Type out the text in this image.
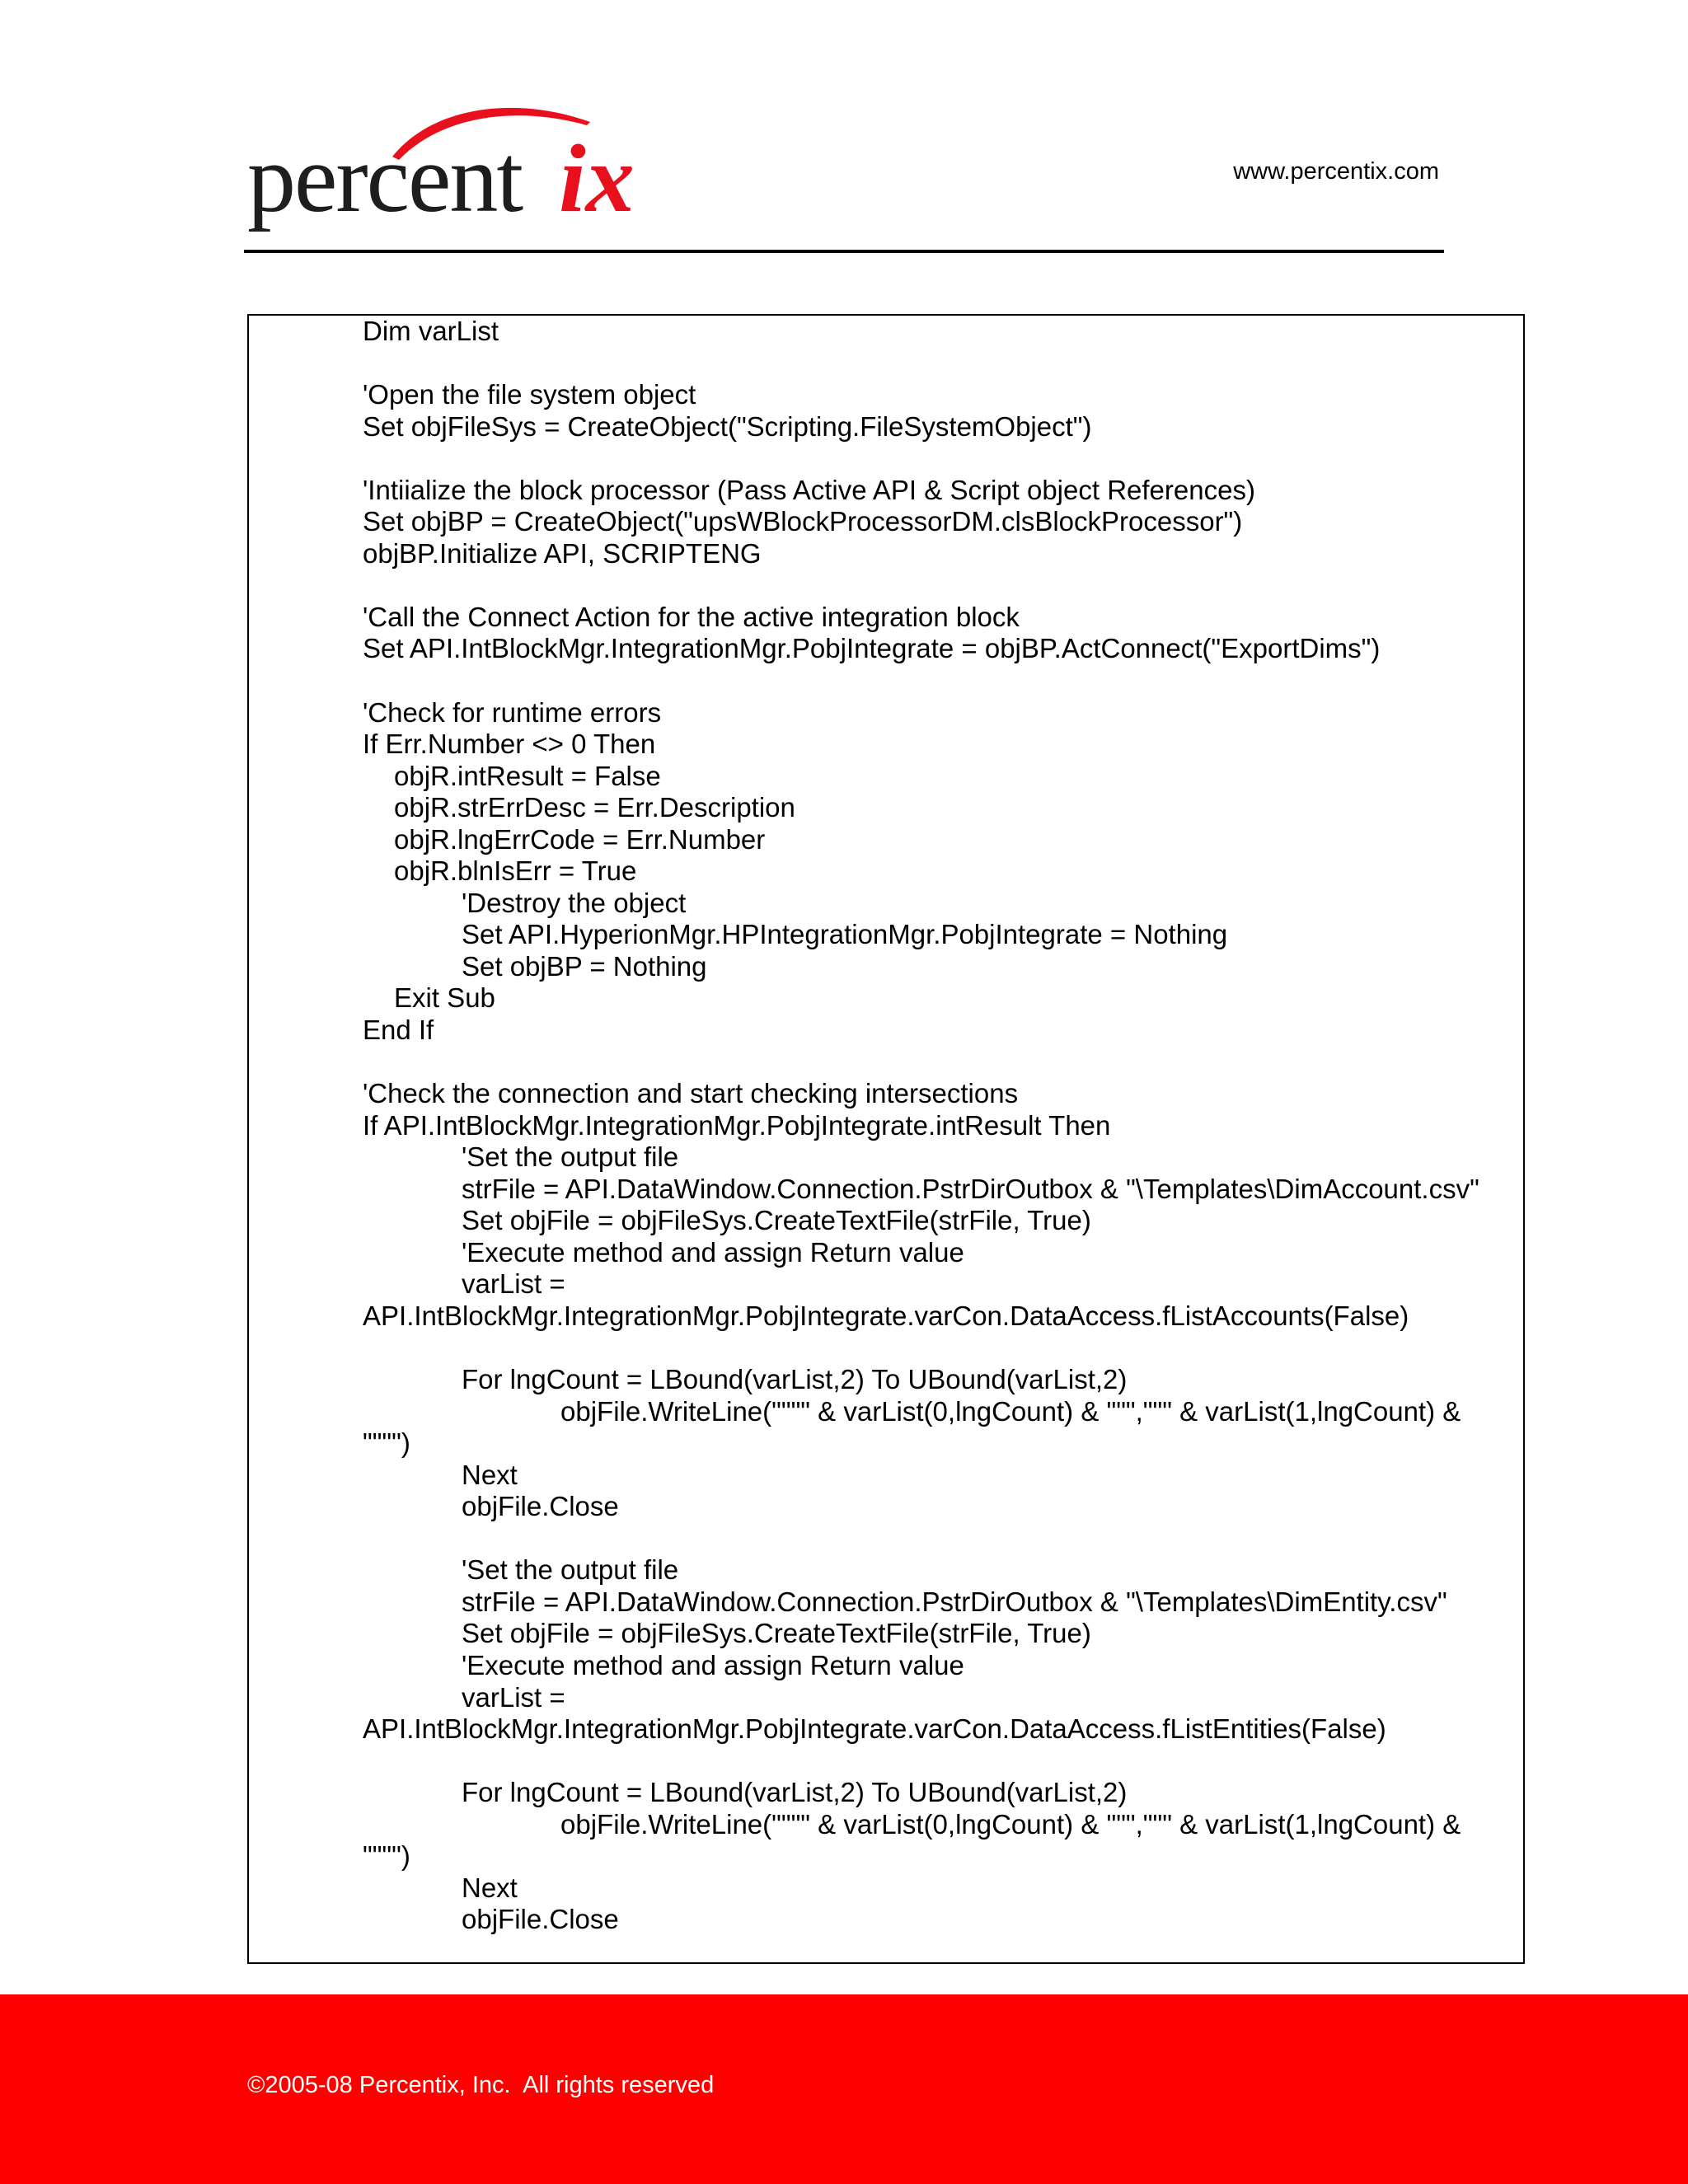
percent ix	www.percentix.com
Dim varList
'Open the file system object
Set objFileSys = CreateObject("Scripting.FileSystemObject")
'Intiialize the block processor (Pass Active API & Script object References)
Set objBP = CreateObject("upsWBlockProcessorDM.clsBlockProcessor")
objBP.Initialize API, SCRIPTENG
'Call the Connect Action for the active integration block
Set API.IntBlockMgr.IntegrationMgr.PobjIntegrate = objBP.ActConnect("ExportDims")
'Check for runtime errors
If Err.Number <> 0 Then
objR.intResult = False
objR.strErrDesc = Err.Description
objR.lngErrCode = Err.Number
objR.blnIsErr = True
'Destroy the object
Set API.HyperionMgr.HPIntegrationMgr.PobjIntegrate = Nothing
Set objBP = Nothing
Exit Sub
End If
'Check the connection and start checking intersections
If API.IntBlockMgr.IntegrationMgr.PobjIntegrate.intResult Then
'Set the output file
strFile = API.DataWindow.Connection.PstrDirOutbox & "\Templates\DimAccount.csv"
Set objFile = objFileSys.CreateTextFile(strFile, True)
'Execute method and assign Return value
varList =
API.IntBlockMgr.IntegrationMgr.PobjIntegrate.varCon.DataAccess.fListAccounts(False)
For lngCount = LBound(varList,2) To UBound(varList,2)
objFile.WriteLine("""" & varList(0,lngCount) & """,""" & varList(1,lngCount) &
"""")
Next
objFile.Close
'Set the output file
strFile = API.DataWindow.Connection.PstrDirOutbox & "\Templates\DimEntity.csv"
Set objFile = objFileSys.CreateTextFile(strFile, True)
'Execute method and assign Return value
varList =
API.IntBlockMgr.IntegrationMgr.PobjIntegrate.varCon.DataAccess.fListEntities(False)
For lngCount = LBound(varList,2) To UBound(varList,2)
objFile.WriteLine("""" & varList(0,lngCount) & """,""" & varList(1,lngCount) &
"""")
Next
objFile.Close
©2005-08 Percentix, Inc.  All rights reserved
